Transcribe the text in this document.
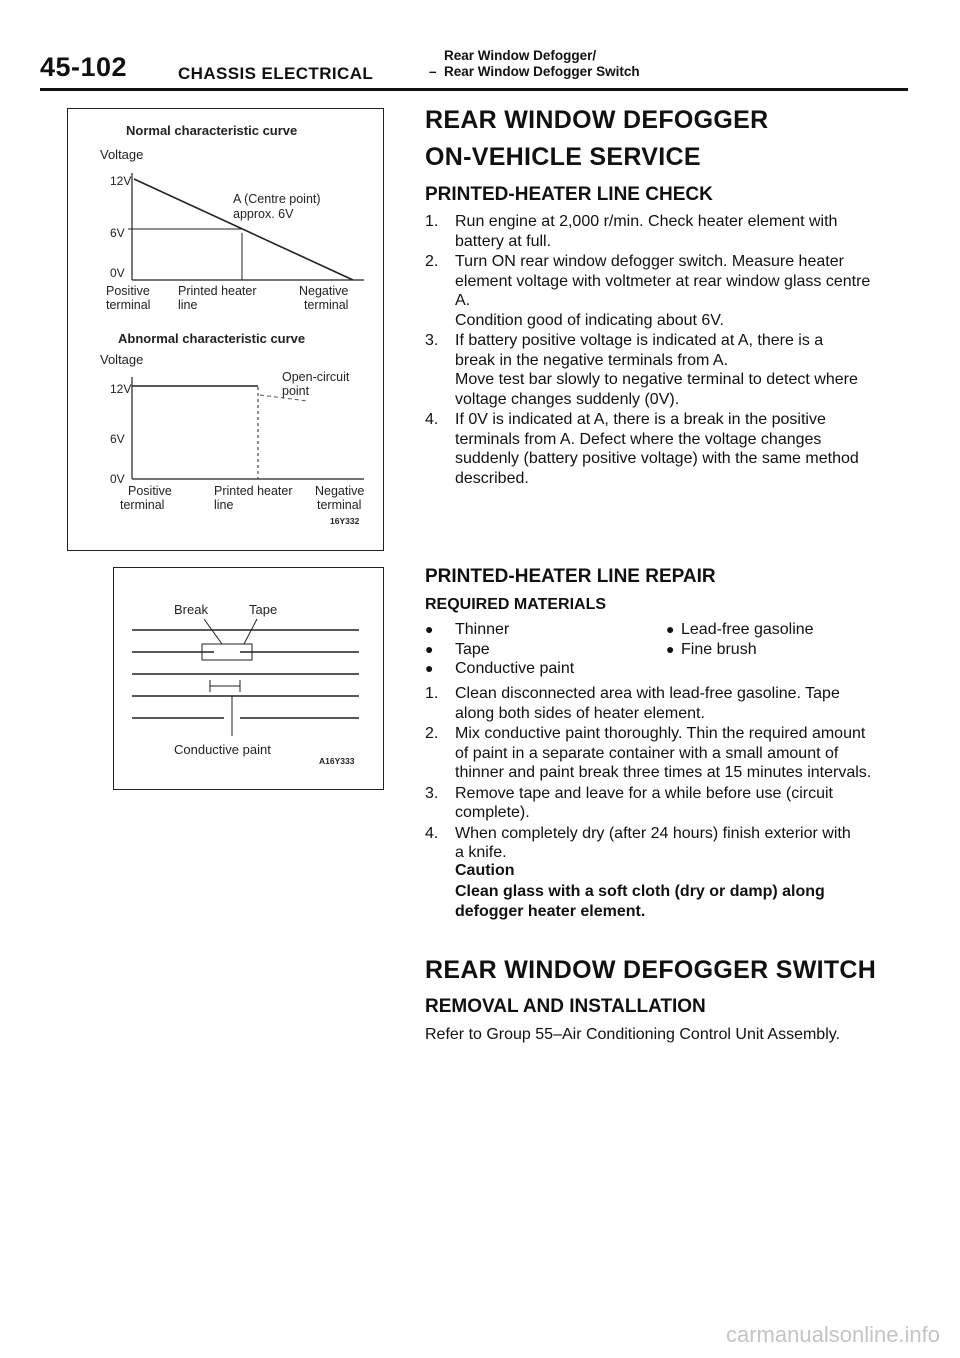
45-102	CHASSIS ELECTRICAL	–
Rear Window Defogger/
Rear Window Defogger Switch
Normal characteristic curve
Voltage
12V
6V
0V
A (Centre point)
approx. 6V
Positive
terminal
Printed heater
line
Negative
terminal
Abnormal characteristic curve
Voltage
12V
6V
0V
Open-circuit
point
Positive
terminal
Printed heater
line
Negative
terminal
16Y332
Break	Tape
Conductive paint
A16Y333
REAR WINDOW DEFOGGER
ON-VEHICLE SERVICE
PRINTED-HEATER LINE CHECK
1. Run engine at 2,000 r/min. Check heater element with
battery at full.
2. Turn ON rear window defogger switch. Measure heater
element voltage with voltmeter at rear window glass centre
A.
Condition good of indicating about 6V.
3. If battery positive voltage is indicated at A, there is a
break in the negative terminals from A.
Move test bar slowly to negative terminal to detect where
voltage changes suddenly (0V).
4. If 0V is indicated at A, there is a break in the positive
terminals from A. Defect where the voltage changes
suddenly (battery positive voltage) with the same method
described.
PRINTED-HEATER LINE REPAIR
REQUIRED MATERIALS
● Thinner
● Tape
● Conductive paint
● Lead-free gasoline
● Fine brush
1. Clean disconnected area with lead-free gasoline. Tape
along both sides of heater element.
2. Mix conductive paint thoroughly. Thin the required amount
of paint in a separate container with a small amount of
thinner and paint break three times at 15 minutes intervals.
3. Remove tape and leave for a while before use (circuit
complete).
4. When completely dry (after 24 hours) finish exterior with
a knife.
Caution
Clean glass with a soft cloth (dry or damp) along
defogger heater element.
REAR WINDOW DEFOGGER SWITCH
REMOVAL AND INSTALLATION
Refer to Group 55–Air Conditioning Control Unit Assembly.
carmanualsonline.info
